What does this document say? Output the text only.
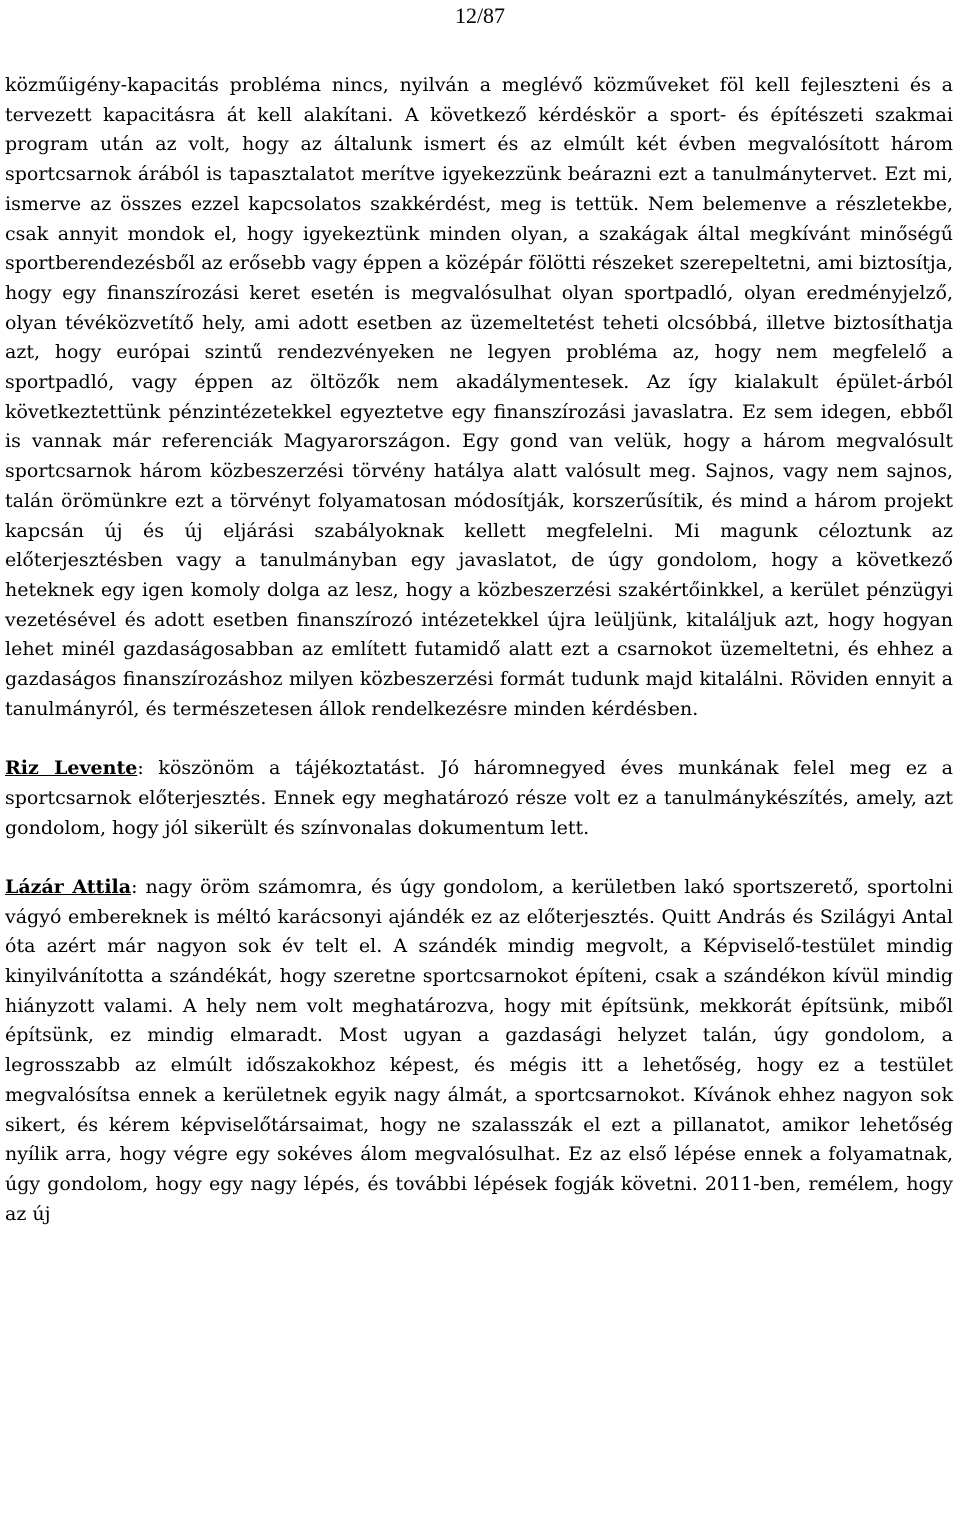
12/87

közműigény-kapacitás probléma nincs, nyilván a meglévő közműveket föl kell fejleszteni és a tervezett kapacitásra át kell alakítani. A következő kérdéskör a sport- és építészeti szakmai program után az volt, hogy az általunk ismert és az elmúlt két évben megvalósított három sportcsarnok árából is tapasztalatot merítve igyekezzünk beárazni ezt a tanulmánytervet. Ezt mi, ismerve az összes ezzel kapcsolatos szakkérdést, meg is tettük. Nem belemenve a részletekbe, csak annyit mondok el, hogy igyekeztünk minden olyan, a szakágak által megkívánt minőségű sportberendezésből az erősebb vagy éppen a középár fölötti részeket szerepeltetni, ami biztosítja, hogy egy finanszírozási keret esetén is megvalósulhat olyan sportpadló, olyan eredményjelző, olyan tévéközvetítő hely, ami adott esetben az üzemeltetést teheti olcsóbbá, illetve biztosíthatja azt, hogy európai szintű rendezvényeken ne legyen probléma az, hogy nem megfelelő a sportpadló, vagy éppen az öltözők nem akadálymentesek. Az így kialakult épület-árból következtettünk pénzintézetekkel egyeztetve egy finanszírozási javaslatra. Ez sem idegen, ebből is vannak már referenciák Magyarországon. Egy gond van velük, hogy a három megvalósult sportcsarnok három közbeszerzési törvény hatálya alatt valósult meg. Sajnos, vagy nem sajnos, talán örömünkre ezt a törvényt folyamatosan módosítják, korszerűsítik, és mind a három projekt kapcsán új és új eljárási szabályoknak kellett megfelelni. Mi magunk céloztunk az előterjesztésben vagy a tanulmányban egy javaslatot, de úgy gondolom, hogy a következő heteknek egy igen komoly dolga az lesz, hogy a közbeszerzési szakértőinkkel, a kerület pénzügyi vezetésével és adott esetben finanszírozó intézetekkel újra leüljünk, kitaláljuk azt, hogy hogyan lehet minél gazdaságosabban az említett futamidő alatt ezt a csarnokot üzemeltetni, és ehhez a gazdaságos finanszírozáshoz milyen közbeszerzési formát tudunk majd kitalálni. Röviden ennyit a tanulmányról, és természetesen állok rendelkezésre minden kérdésben.

Riz Levente: köszönöm a tájékoztatást. Jó háromnegyed éves munkának felel meg ez a sportcsarnok előterjesztés. Ennek egy meghatározó része volt ez a tanulmánykészítés, amely, azt gondolom, hogy jól sikerült és színvonalas dokumentum lett.

Lázár Attila: nagy öröm számomra, és úgy gondolom, a kerületben lakó sportszerető, sportolni vágyó embereknek is méltó karácsonyi ajándék ez az előterjesztés. Quitt András és Szilágyi Antal óta azért már nagyon sok év telt el. A szándék mindig megvolt, a Képviselő-testület mindig kinyilvánította a szándékát, hogy szeretne sportcsarnokot építeni, csak a szándékon kívül mindig hiányzott valami. A hely nem volt meghatározva, hogy mit építsünk, mekkorát építsünk, miből építsünk, ez mindig elmaradt. Most ugyan a gazdasági helyzet talán, úgy gondolom, a legrosszabb az elmúlt időszakokhoz képest, és mégis itt a lehetőség, hogy ez a testület megvalósítsa ennek a kerületnek egyik nagy álmát, a sportcsarnokot. Kívánok ehhez nagyon sok sikert, és kérem képviselőtársaimat, hogy ne szalasszák el ezt a pillanatot, amikor lehetőség nyílik arra, hogy végre egy sokéves álom megvalósulhat. Ez az első lépése ennek a folyamatnak, úgy gondolom, hogy egy nagy lépés, és további lépések fogják követni. 2011-ben, remélem, hogy az új
